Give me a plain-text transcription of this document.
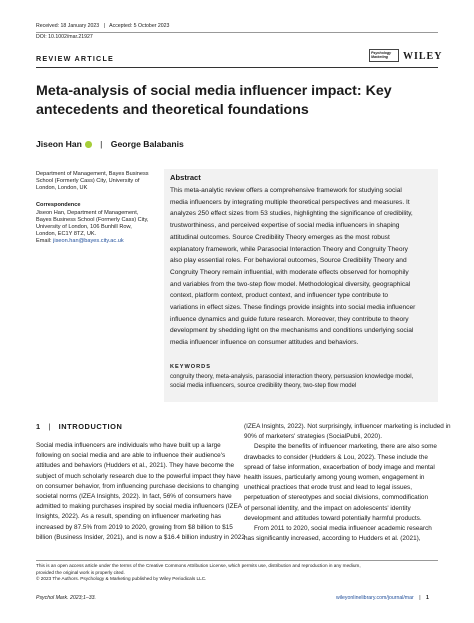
Received: 18 January 2023 | Accepted: 5 October 2023
DOI: 10.1002/mar.21927
REVIEW ARTICLE
Psychology Marketing	WILEY
Meta-analysis of social media influencer impact: Key
antecedents and theoretical foundations
Jiseon Han | George Balabanis
Department of Management, Bayes Business
School (Formerly Cass) City, University of
London, London, UK
Correspondence
Jiseon Han, Department of Management,
Bayes Business School (Formerly Cass) City,
University of London, 106 Bunhill Row,
London, EC1Y 8TZ, UK.
Email: jiseon.han@bayes.city.ac.uk
Abstract
This meta-analytic review offers a comprehensive framework for studying social
media influencers by integrating multiple theoretical perspectives and measures. It
analyzes 250 effect sizes from 53 studies, highlighting the significance of credibility,
trustworthiness, and perceived expertise of social media influencers in shaping
attitudinal outcomes. Source Credibility Theory emerges as the most robust
explanatory framework, while Parasocial Interaction Theory and Congruity Theory
also play essential roles. For behavioral outcomes, Source Credibility Theory and
Congruity Theory remain influential, with moderate effects observed for homophily
and variables from the two-step flow model. Methodological diversity, geographical
context, platform context, product context, and influencer type contribute to
variations in effect sizes. These findings provide insights into social media influencer
influence dynamics and guide future research. Moreover, they contribute to theory
development by shedding light on the mechanisms and conditions underlying social
media influencer influence on consumer attitudes and behaviors.
KEYWORDS
congruity theory, meta-analysis, parasocial interaction theory, persuasion knowledge model,
social media influencers, source credibility theory, two-step flow model
1 | INTRODUCTION
Social media influencers are individuals who have built up a large
following on social media and are able to influence their audience's
attitudes and behaviors (Hudders et al., 2021). They have become the
subject of much scholarly research due to the powerful impact they have
on consumer behavior, from influencing purchase decisions to changing
societal norms (IZEA Insights, 2022). In fact, 56% of consumers have
admitted to making purchases inspired by social media influencers (IZEA
Insights, 2022). As a result, spending on influencer marketing has
increased by 87.5% from 2019 to 2020, growing from $8 billion to $15
billion (Business Insider, 2021), and is now a $16.4 billion industry in 2022
(IZEA Insights, 2022). Not surprisingly, influencer marketing is included in
90% of marketers' strategies (SocialPubli, 2020).
Despite the benefits of influencer marketing, there are also some
drawbacks to consider (Hudders & Lou, 2022). These include the
spread of false information, exacerbation of body image and mental
health issues, particularly among young women, engagement in
unethical practices that erode trust and lead to legal issues,
perpetuation of stereotypes and social divisions, commodification
of personal identity, and the impact on adolescents' identity
development and attitudes toward potentially harmful products.
From 2011 to 2020, social media influencer academic research
has significantly increased, according to Hudders et al. (2021),
This is an open access article under the terms of the Creative Commons Attribution License, which permits use, distribution and reproduction in any medium,
provided the original work is properly cited.
© 2023 The Authors. Psychology & Marketing published by Wiley Periodicals LLC.
Psychol Mark. 2023;1–33.	wileyonlinelibrary.com/journal/mar | 1
